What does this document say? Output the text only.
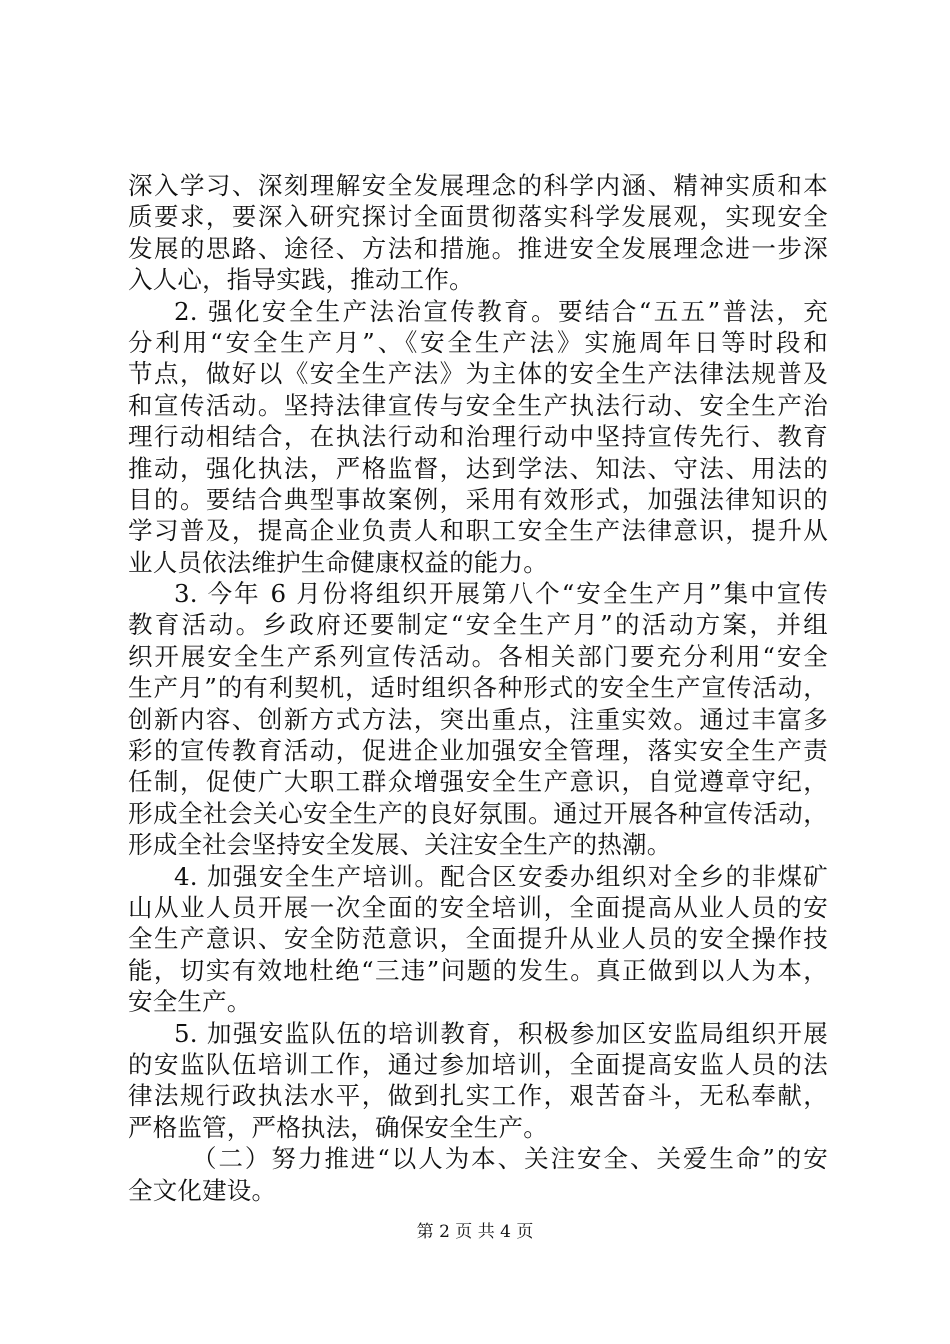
深入学习、深刻理解安全发展理念的科学内涵、精神实质和本
质要求，要深入研究探讨全面贯彻落实科学发展观，实现安全
发展的思路、途径、方法和措施。推进安全发展理念进一步深
入人心，指导实践，推动工作。
2. 强化安全生产法治宣传教育。要结合“五五”普法，充
分利用“安全生产月”、《安全生产法》实施周年日等时段和
节点，做好以《安全生产法》为主体的安全生产法律法规普及
和宣传活动。坚持法律宣传与安全生产执法行动、安全生产治
理行动相结合，在执法行动和治理行动中坚持宣传先行、教育
推动，强化执法，严格监督，达到学法、知法、守法、用法的
目的。要结合典型事故案例，采用有效形式，加强法律知识的
学习普及，提高企业负责人和职工安全生产法律意识，提升从
业人员依法维护生命健康权益的能力。
3. 今年 6 月份将组织开展第八个“安全生产月”集中宣传
教育活动。乡政府还要制定“安全生产月”的活动方案，并组
织开展安全生产系列宣传活动。各相关部门要充分利用“安全
生产月”的有利契机，适时组织各种形式的安全生产宣传活动，
创新内容、创新方式方法，突出重点，注重实效。通过丰富多
彩的宣传教育活动，促进企业加强安全管理，落实安全生产责
任制，促使广大职工群众增强安全生产意识，自觉遵章守纪，
形成全社会关心安全生产的良好氛围。通过开展各种宣传活动，
形成全社会坚持安全发展、关注安全生产的热潮。
4. 加强安全生产培训。配合区安委办组织对全乡的非煤矿
山从业人员开展一次全面的安全培训，全面提高从业人员的安
全生产意识、安全防范意识，全面提升从业人员的安全操作技
能，切实有效地杜绝“三违”问题的发生。真正做到以人为本，
安全生产。
5. 加强安监队伍的培训教育，积极参加区安监局组织开展
的安监队伍培训工作，通过参加培训，全面提高安监人员的法
律法规行政执法水平，做到扎实工作，艰苦奋斗，无私奉献，
严格监管，严格执法，确保安全生产。
（二）努力推进“以人为本、关注安全、关爱生命”的安
全文化建设。
第 2 页 共 4 页
